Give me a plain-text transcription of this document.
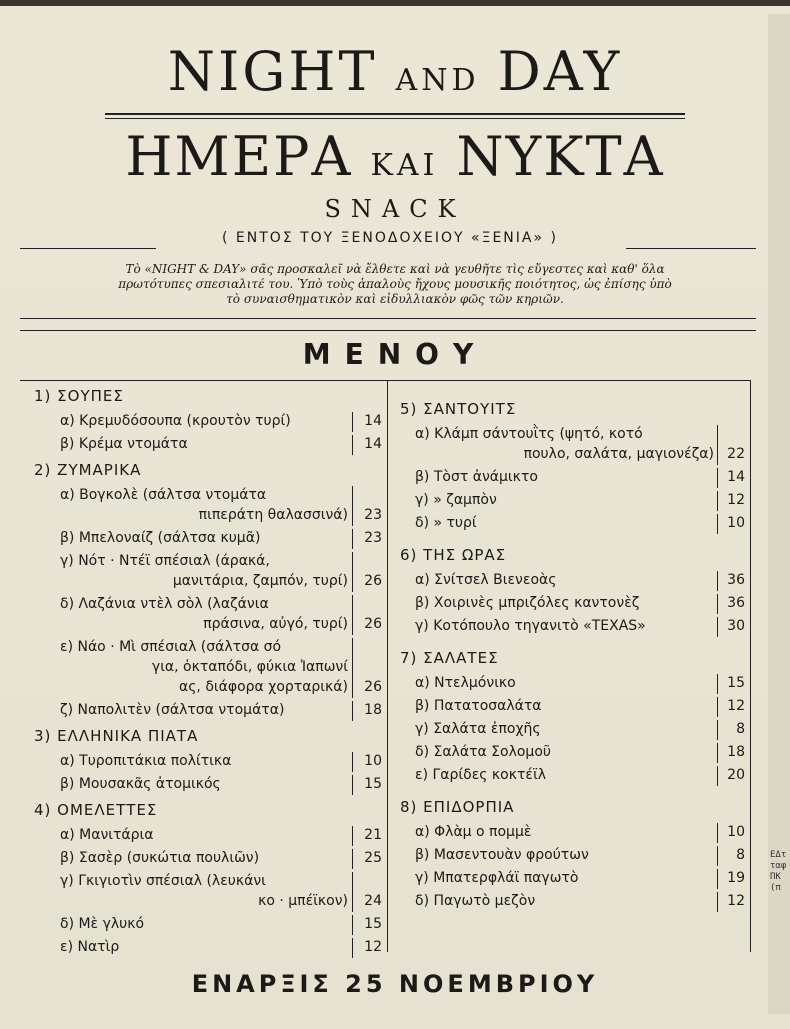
ΕΔτταφΠΚ(π
NIGHT AND DAY
ΗΜΕΡΑ ΚΑΙ ΝΥΚΤΑ
SNACK
( ΕΝΤΟΣ ΤΟΥ ΞΕΝΟΔΟΧΕΙΟΥ «ΞΕΝΙΑ» )
Τὸ «NIGHT & DAY» σᾶς προσκαλεῖ νὰ ἔλθετε καὶ νὰ γευθῆτε τὶς εὔγεστες καὶ καθ' ὅλα
πρωτότυπες σπεσιαλιτέ του. Ὑπὸ τοὺς ἁπαλοὺς ἤχους μουσικῆς ποιότητος, ὡς ἐπίσης ὑπὸ
τὸ συναισθηματικὸν καὶ εἰδυλλιακὸν φῶς τῶν κηριῶν.
ΜΕΝΟΥ
1) ΣΟΥΠΕΣ
α) Κρεμυδόσουπα (κρουτὸν τυρί)	14
β) Κρέμα ντομάτα	14
2) ΖΥΜΑΡΙΚΑ
α) Βογκολὲ (σάλτσα ντομάτα
πιπεράτη θαλασσινά)	23
β) Μπελοναίζ (σάλτσα κυμᾶ)	23
γ) Νότ · Ντέϊ σπέσιαλ (άρακά,
μανιτάρια, ζαμπόν, τυρί)	26
δ) Λαζάνια ντὲλ σὸλ (λαζάνια
πράσινα, αὐγό, τυρί)	26
ε) Νάο · Μὶ σπέσιαλ (σάλτσα σό
για, ὀκταπόδι, φύκια Ἰαπωνί
ας, διάφορα χορταρικά)	26
ζ) Ναπολιτὲν (σάλτσα ντομάτα)	18
3) ΕΛΛΗΝΙΚΑ ΠΙΑΤΑ
α) Τυροπιτάκια πολίτικα	10
β) Μουσακᾶς ἀτομικός	15
4) ΟΜΕΛΕΤΤΕΣ
α) Μανιτάρια	21
β) Σασὲρ (συκώτια πουλιῶν)	25
γ) Γκιγιοτὶν σπέσιαλ (λευκάνι
κο · μπέϊκον)	24
δ) Μὲ γλυκό	15
ε) Νατὶρ	12
5) ΣΑΝΤΟΥΙΤΣ
α) Κλάμπ σάντουῒτς (ψητό, κοτό
πουλο, σαλάτα, μαγιονέζα) 22
β) Τὸστ ἀνάμικτο	14
γ) » ζαμπὸν	12
δ) » τυρί	10
6) ΤΗΣ ΩΡΑΣ
α) Σνίτσελ Βιενεοὰς	36
β) Χοιρινὲς μπριζόλες καντονὲζ	36
γ) Κοτόπουλο τηγανιτὸ «TEXAS»	30
7) ΣΑΛΑΤΕΣ
α) Ντελμόνικο	15
β) Πατατοσαλάτα	12
γ) Σαλάτα ἐποχῆς	8
δ) Σαλάτα Σολομοῦ	18
ε) Γαρίδες κοκτέϊλ	20
8) ΕΠΙΔΟΡΠΙΑ
α) Φλὰμ ο πομμὲ	10
β) Μασεντουὰν φρούτων	8
γ) Μπατερφλάϊ παγωτὸ	19
δ) Παγωτὸ μεζὸν	12
ΕΝΑΡΞΙΣ 25 ΝΟΕΜΒΡΙΟΥ
